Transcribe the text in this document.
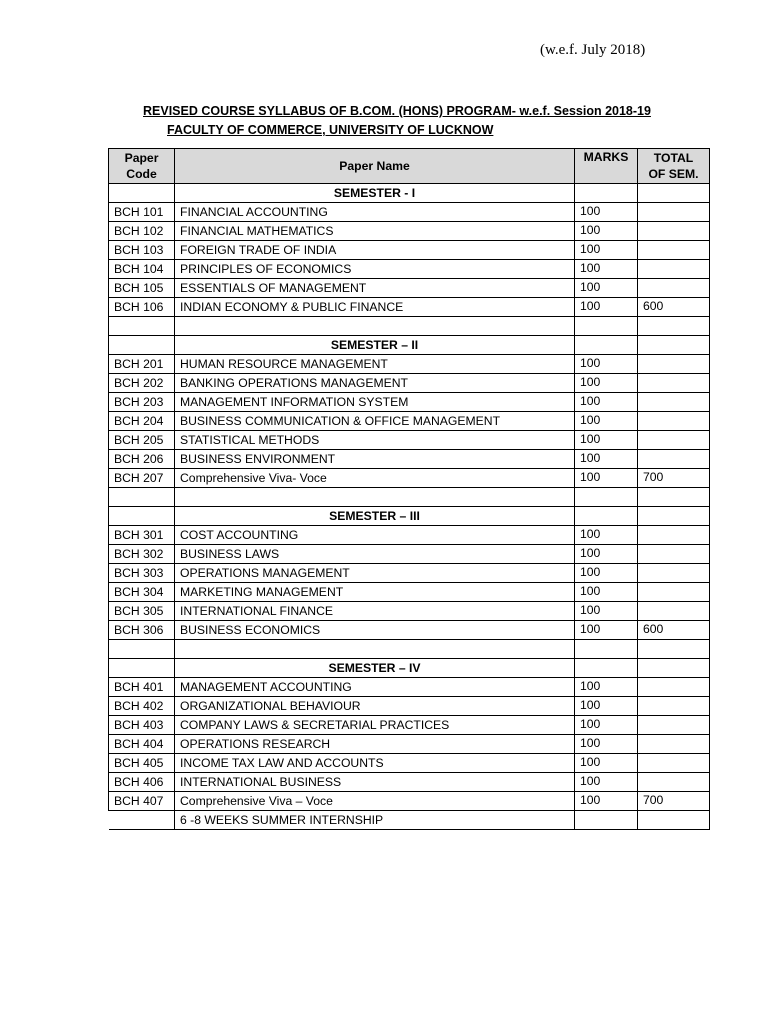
(w.e.f. July 2018)
REVISED COURSE SYLLABUS OF B.COM. (HONS) PROGRAM- w.e.f. Session 2018-19
FACULTY OF COMMERCE, UNIVERSITY OF LUCKNOW
Paper
Code	Paper Name	MARKS	TOTAL
OF SEM.
	SEMESTER - I		
BCH 101	FINANCIAL ACCOUNTING	100	
BCH 102	FINANCIAL MATHEMATICS	100	
BCH 103	FOREIGN TRADE OF INDIA	100	
BCH 104	PRINCIPLES OF ECONOMICS	100	
BCH 105	ESSENTIALS OF MANAGEMENT	100	
BCH 106	INDIAN ECONOMY & PUBLIC FINANCE	100	600

	SEMESTER – II		
BCH 201	HUMAN RESOURCE MANAGEMENT	100	
BCH 202	BANKING OPERATIONS MANAGEMENT	100	
BCH 203	MANAGEMENT INFORMATION SYSTEM	100	
BCH 204	BUSINESS COMMUNICATION & OFFICE MANAGEMENT	100	
BCH 205	STATISTICAL METHODS	100	
BCH 206	BUSINESS ENVIRONMENT	100	
BCH 207	Comprehensive Viva- Voce	100	700

	SEMESTER – III		
BCH 301	COST ACCOUNTING	100	
BCH 302	BUSINESS LAWS	100	
BCH 303	OPERATIONS MANAGEMENT	100	
BCH 304	MARKETING MANAGEMENT	100	
BCH 305	INTERNATIONAL FINANCE	100	
BCH 306	BUSINESS ECONOMICS	100	600

	SEMESTER – IV		
BCH 401	MANAGEMENT ACCOUNTING	100	
BCH 402	ORGANIZATIONAL BEHAVIOUR	100	
BCH 403	COMPANY LAWS & SECRETARIAL PRACTICES	100	
BCH 404	OPERATIONS RESEARCH	100	
BCH 405	INCOME TAX LAW AND ACCOUNTS	100	
BCH 406	INTERNATIONAL BUSINESS	100	
BCH 407	Comprehensive Viva – Voce	100	700
	6 -8 WEEKS SUMMER INTERNSHIP		
